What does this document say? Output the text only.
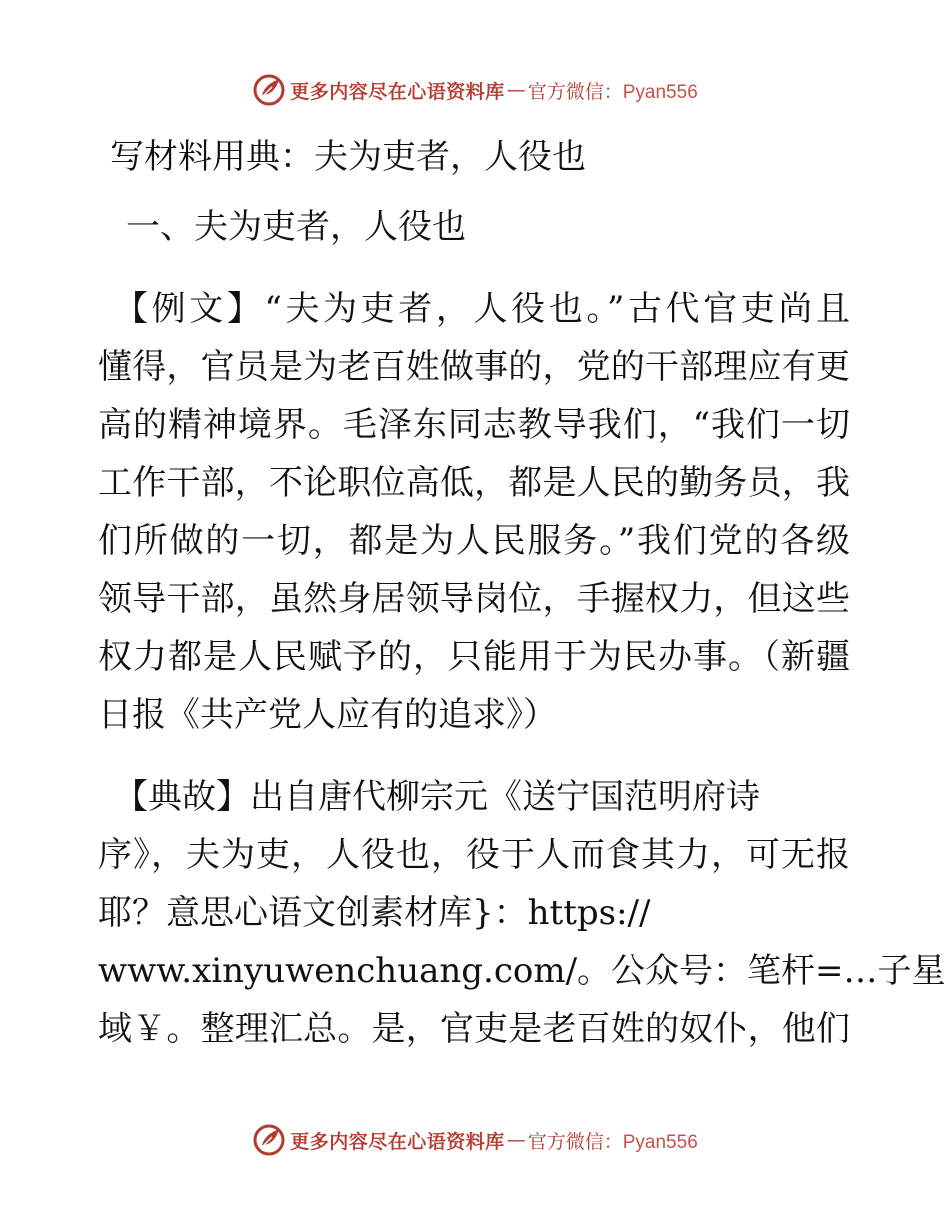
更多内容尽在心语资料库 — 官方微信：Pyan556
写材料用典：夫为吏者，人役也
一、夫为吏者，人役也
【例文】“夫为吏者，人役也。”古代官吏尚且
懂得，官员是为老百姓做事的，党的干部理应有更
高的精神境界。毛泽东同志教导我们，“我们一切
工作干部，不论职位高低，都是人民的勤务员，我
们所做的一切，都是为人民服务。”我们党的各级
领导干部，虽然身居领导岗位，手握权力，但这些
权力都是人民赋予的，只能用于为民办事。（新疆
日报《共产党人应有的追求》）
【典故】出自唐代柳宗元《送宁国范明府诗
序》，夫为吏，人役也，役于人而食其力，可无报
耶？意思心语文创素材库}：https://
www.xinyuwenchuang.com/。公众号：笔杆=…子星
域￥。整理汇总。是，官吏是老百姓的奴仆，他们
更多内容尽在心语资料库 — 官方微信：Pyan556
